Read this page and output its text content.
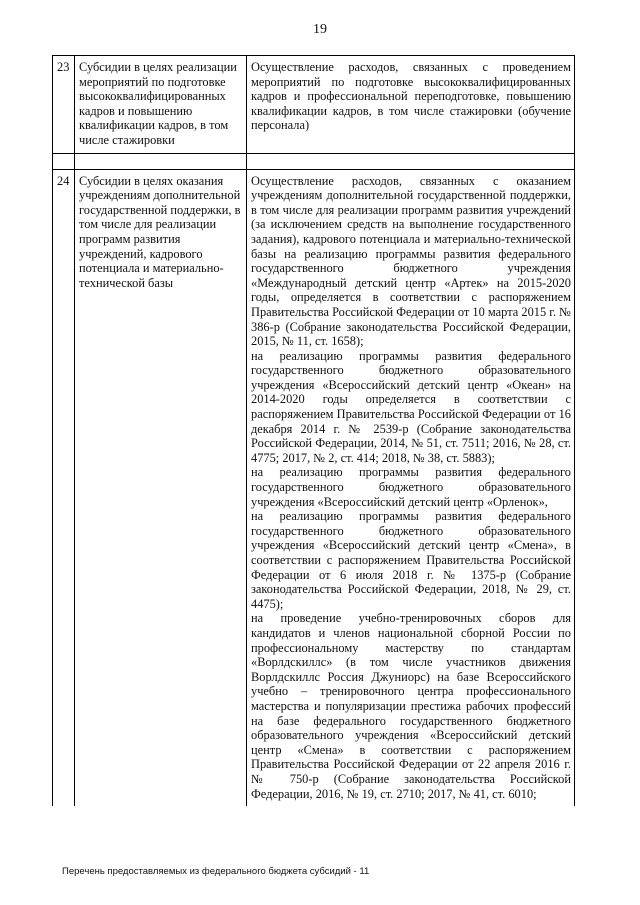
19
23	Субсидии в целях реализации мероприятий по подготовке высококвалифицированных кадров и повышению квалификации кадров, в том числе стажировки	Осуществление расходов, связанных с проведением мероприятий по подготовке высококвалифицированных кадров и профессиональной переподготовке, повышению квалификации кадров, в том числе стажировки (обучение персонала)

24	Субсидии в целях оказания учреждениям дополнительной государственной поддержки, в том числе для реализации программ развития учреждений, кадрового потенциала и материально-технической базы	Осуществление расходов, связанных с оказанием учреждениям дополнительной государственной поддержки, в том числе для реализации программ развития учреждений (за исключением средств на выполнение государственного задания), кадрового потенциала и материально-технической базы на реализацию программы развития федерального государственного бюджетного учреждения «Международный детский центр «Артек» на 2015-2020 годы, определяется в соответствии с распоряжением Правительства Российской Федерации от 10 марта 2015 г. № 386-р (Собрание законодательства Российской Федерации, 2015, № 11, ст. 1658);
на реализацию программы развития федерального государственного бюджетного образовательного учреждения «Всероссийский детский центр «Океан» на 2014-2020 годы определяется в соответствии с распоряжением Правительства Российской Федерации от 16 декабря 2014 г. № 2539-р (Собрание законодательства Российской Федерации, 2014, № 51, ст. 7511; 2016, № 28, ст. 4775; 2017, № 2, ст. 414; 2018, № 38, ст. 5883);
на реализацию программы развития федерального государственного бюджетного образовательного учреждения «Всероссийский детский центр «Орленок»,
на реализацию программы развития федерального государственного бюджетного образовательного учреждения «Всероссийский детский центр «Смена», в соответствии с распоряжением Правительства Российской Федерации от 6 июля 2018 г. № 1375-р (Собрание законодательства Российской Федерации, 2018, № 29, ст. 4475);
на проведение учебно-тренировочных сборов для кандидатов и членов национальной сборной России по профессиональному мастерству по стандартам «Ворлдскиллс» (в том числе участников движения Ворлдскиллс Россия Джуниорс) на базе Всероссийского учебно – тренировочного центра профессионального мастерства и популяризации престижа рабочих профессий на базе федерального государственного бюджетного образовательного учреждения «Всероссийский детский центр «Смена» в соответствии с распоряжением Правительства Российской Федерации от 22 апреля 2016 г. № 750-р (Собрание законодательства Российской Федерации, 2016, № 19, ст. 2710; 2017, № 41, ст. 6010;
Перечень предоставляемых из федерального бюджета субсидий - 11
